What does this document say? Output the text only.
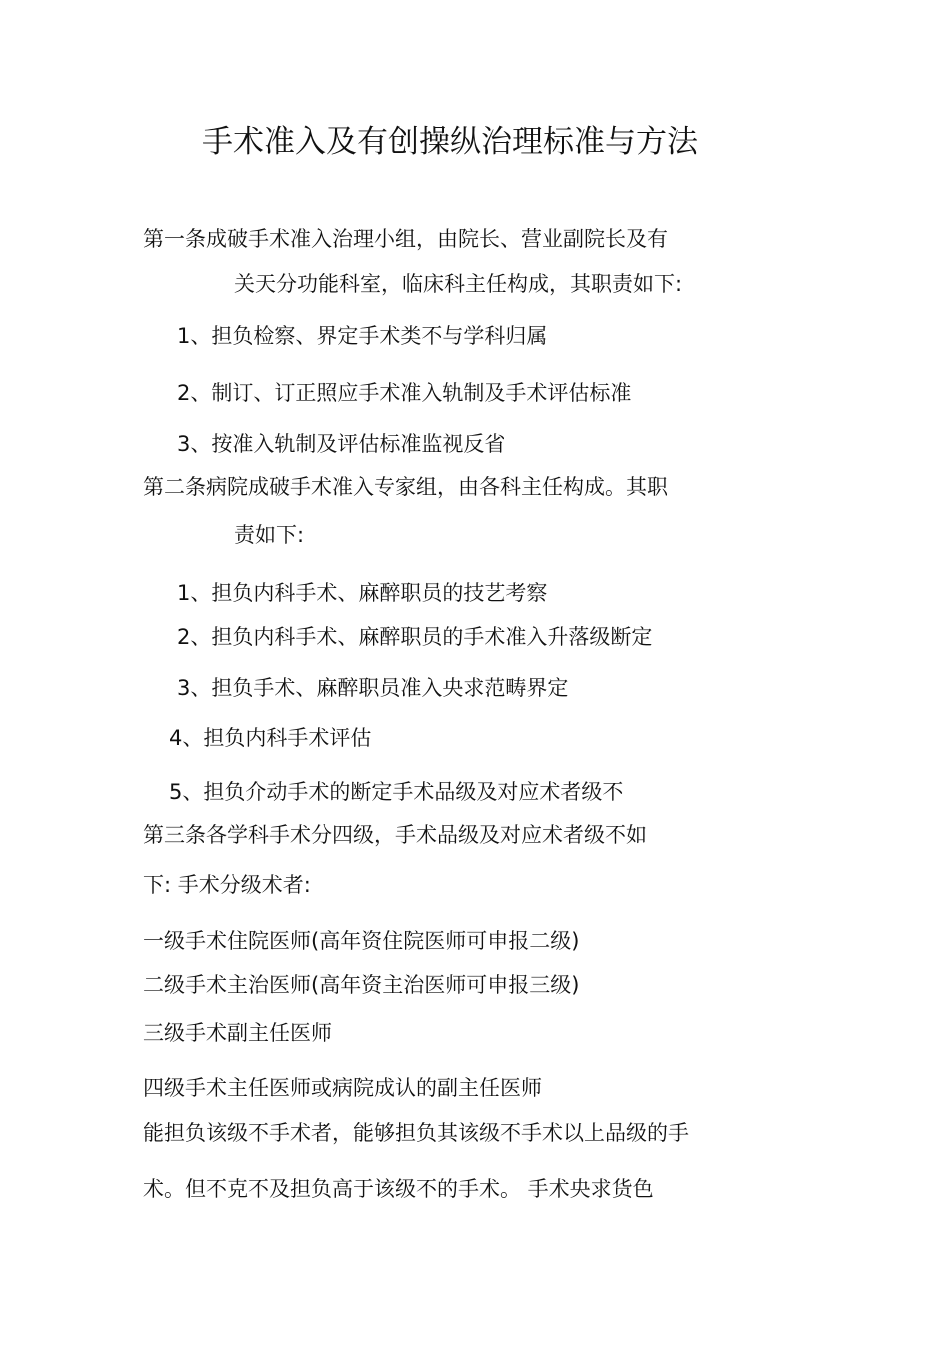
手术准入及有创操纵治理标准与方法
第一条成破手术准入治理小组，由院长、营业副院长及有
关天分功能科室，临床科主任构成，其职责如下:
1、担负检察、界定手术类不与学科归属
2、制订、订正照应手术准入轨制及手术评估标准
3、按准入轨制及评估标准监视反省
第二条病院成破手术准入专家组，由各科主任构成。其职
责如下:
1、担负内科手术、麻醉职员的技艺考察
2、担负内科手术、麻醉职员的手术准入升落级断定
3、担负手术、麻醉职员准入央求范畴界定
4、担负内科手术评估
5、担负介动手术的断定手术品级及对应术者级不
第三条各学科手术分四级，手术品级及对应术者级不如
下: 手术分级术者:
一级手术住院医师(高年资住院医师可申报二级)
二级手术主治医师(高年资主治医师可申报三级)
三级手术副主任医师
四级手术主任医师或病院成认的副主任医师
能担负该级不手术者，能够担负其该级不手术以上品级的手
术。但不克不及担负高于该级不的手术。 手术央求货色
